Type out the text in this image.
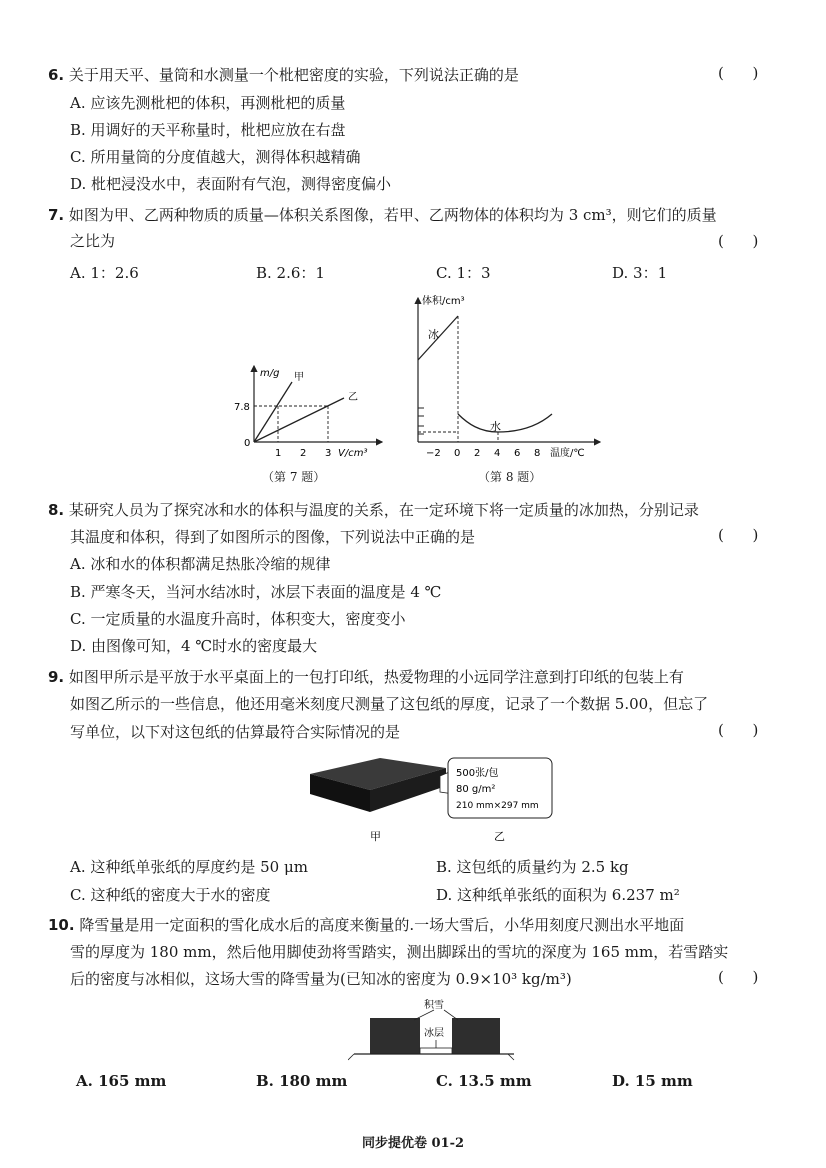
6. 关于用天平、量筒和水测量一个枇杷密度的实验，下列说法正确的是	(      )
A. 应该先测枇杷的体积，再测枇杷的质量
B. 用调好的天平称量时，枇杷应放在右盘
C. 所用量筒的分度值越大，测得体积越精确
D. 枇杷浸没水中，表面附有气泡，测得密度偏小
7. 如图为甲、乙两种物质的质量—体积关系图像，若甲、乙两物体的体积均为 3 cm³，则它们的质量
之比为	(      )
A. 1：2.6	B. 2.6：1	C. 1：3	D. 3：1
m/g 甲
乙
7.8
0
1 2 3 V/cm³
（第 7 题）
体积/cm³
冰
水
−2 0 2 4 6 8 温度/℃
（第 8 题）
8. 某研究人员为了探究冰和水的体积与温度的关系，在一定环境下将一定质量的冰加热，分别记录
其温度和体积，得到了如图所示的图像，下列说法中正确的是	(      )
A. 冰和水的体积都满足热胀冷缩的规律
B. 严寒冬天，当河水结冰时，冰层下表面的温度是 4 ℃
C. 一定质量的水温度升高时，体积变大，密度变小
D. 由图像可知，4 ℃时水的密度最大
9. 如图甲所示是平放于水平桌面上的一包打印纸，热爱物理的小远同学注意到打印纸的包装上有
如图乙所示的一些信息，他还用毫米刻度尺测量了这包纸的厚度，记录了一个数据 5.00，但忘了
写单位，以下对这包纸的估算最符合实际情况的是	(      )
500张/包
80 g/m²
210 mm×297 mm
甲	乙
A. 这种纸单张纸的厚度约是 50 μm	B. 这包纸的质量约为 2.5 kg
C. 这种纸的密度大于水的密度	D. 这种纸单张纸的面积为 6.237 m²
10. 降雪量是用一定面积的雪化成水后的高度来衡量的.一场大雪后，小华用刻度尺测出水平地面
雪的厚度为 180 mm，然后他用脚使劲将雪踏实，测出脚踩出的雪坑的深度为 165 mm，若雪踏实
后的密度与冰相似，这场大雪的降雪量为(已知冰的密度为 0.9×10³ kg/m³)	(      )
积雪
冰层
A. 165 mm	B. 180 mm	C. 13.5 mm	D. 15 mm
同步提优卷 01-2
